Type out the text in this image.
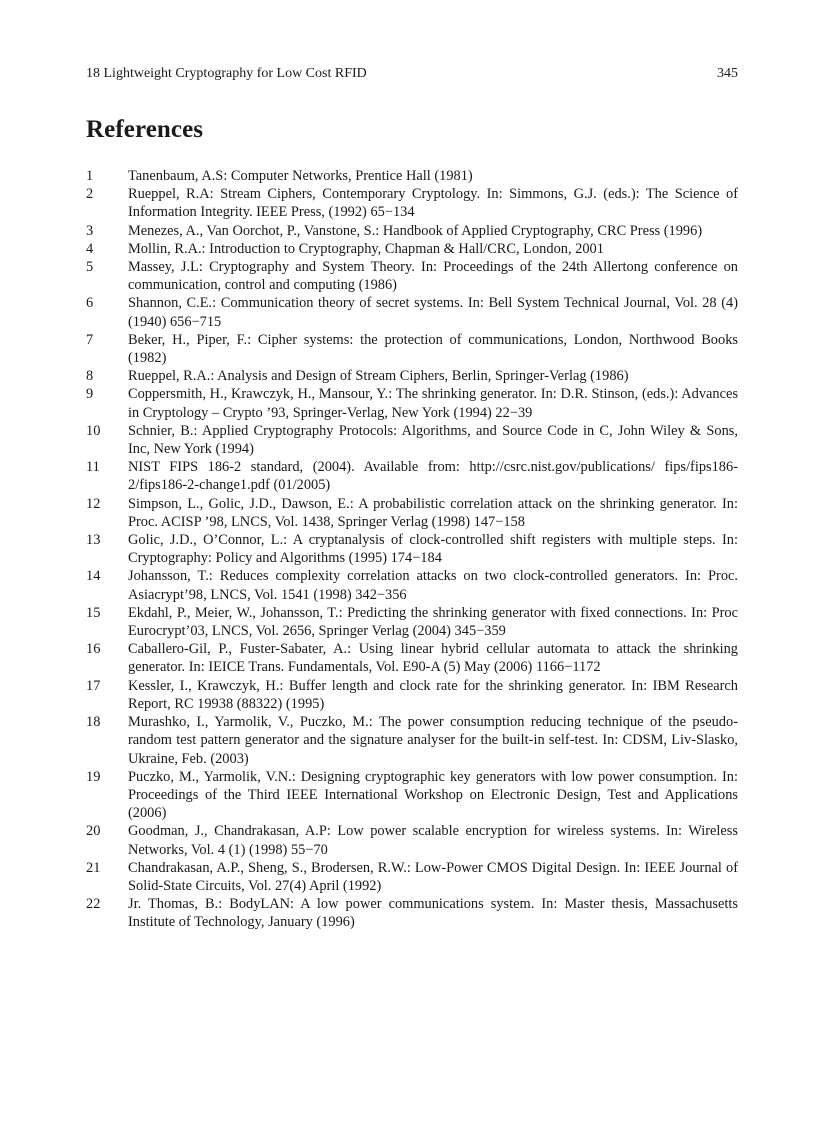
18 Lightweight Cryptography for Low Cost RFID	345
References
1	Tanenbaum, A.S: Computer Networks, Prentice Hall (1981)
2	Rueppel, R.A: Stream Ciphers, Contemporary Cryptology. In: Simmons, G.J. (eds.): The Science of Information Integrity. IEEE Press, (1992) 65−134
3	Menezes, A., Van Oorchot, P., Vanstone, S.: Handbook of Applied Cryptography, CRC Press (1996)
4	Mollin, R.A.: Introduction to Cryptography, Chapman & Hall/CRC, London, 2001
5	Massey, J.L: Cryptography and System Theory. In: Proceedings of the 24th Allertong conference on communication, control and computing (1986)
6	Shannon, C.E.: Communication theory of secret systems. In: Bell System Technical Journal, Vol. 28 (4) (1940) 656−715
7	Beker, H., Piper, F.: Cipher systems: the protection of communications, London, Northwood Books (1982)
8	Rueppel, R.A.: Analysis and Design of Stream Ciphers, Berlin, Springer-Verlag (1986)
9	Coppersmith, H., Krawczyk, H., Mansour, Y.: The shrinking generator. In: D.R. Stinson, (eds.): Advances in Cryptology – Crypto ’93, Springer-Verlag, New York (1994) 22−39
10	Schnier, B.: Applied Cryptography Protocols: Algorithms, and Source Code in C, John Wiley & Sons, Inc, New York (1994)
11	NIST FIPS 186-2 standard, (2004). Available from: http://csrc.nist.gov/publications/ fips/fips186-2/fips186-2-change1.pdf (01/2005)
12	Simpson, L., Golic, J.D., Dawson, E.: A probabilistic correlation attack on the shrinking generator. In: Proc. ACISP ’98, LNCS, Vol. 1438, Springer Verlag (1998) 147−158
13	Golic, J.D., O’Connor, L.: A cryptanalysis of clock-controlled shift registers with multiple steps. In: Cryptography: Policy and Algorithms (1995) 174−184
14	Johansson, T.: Reduces complexity correlation attacks on two clock-controlled generators. In: Proc. Asiacrypt’98, LNCS, Vol. 1541 (1998) 342−356
15	Ekdahl, P., Meier, W., Johansson, T.: Predicting the shrinking generator with fixed connections. In: Proc Eurocrypt’03, LNCS, Vol. 2656, Springer Verlag (2004) 345−359
16	Caballero-Gil, P., Fuster-Sabater, A.: Using linear hybrid cellular automata to attack the shrinking generator. In: IEICE Trans. Fundamentals, Vol. E90-A (5) May (2006) 1166−1172
17	Kessler, I., Krawczyk, H.: Buffer length and clock rate for the shrinking generator. In: IBM Research Report, RC 19938 (88322) (1995)
18	Murashko, I., Yarmolik, V., Puczko, M.: The power consumption reducing technique of the pseudo-random test pattern generator and the signature analyser for the built-in self-test. In: CDSM, Liv-Slasko, Ukraine, Feb. (2003)
19	Puczko, M., Yarmolik, V.N.: Designing cryptographic key generators with low power consumption. In: Proceedings of the Third IEEE International Workshop on Electronic Design, Test and Applications (2006)
20	Goodman, J., Chandrakasan, A.P: Low power scalable encryption for wireless systems. In: Wireless Networks, Vol. 4 (1) (1998) 55−70
21	Chandrakasan, A.P., Sheng, S., Brodersen, R.W.: Low-Power CMOS Digital Design. In: IEEE Journal of Solid-State Circuits, Vol. 27(4) April (1992)
22	Jr. Thomas, B.: BodyLAN: A low power communications system. In: Master thesis, Massachusetts Institute of Technology, January (1996)
